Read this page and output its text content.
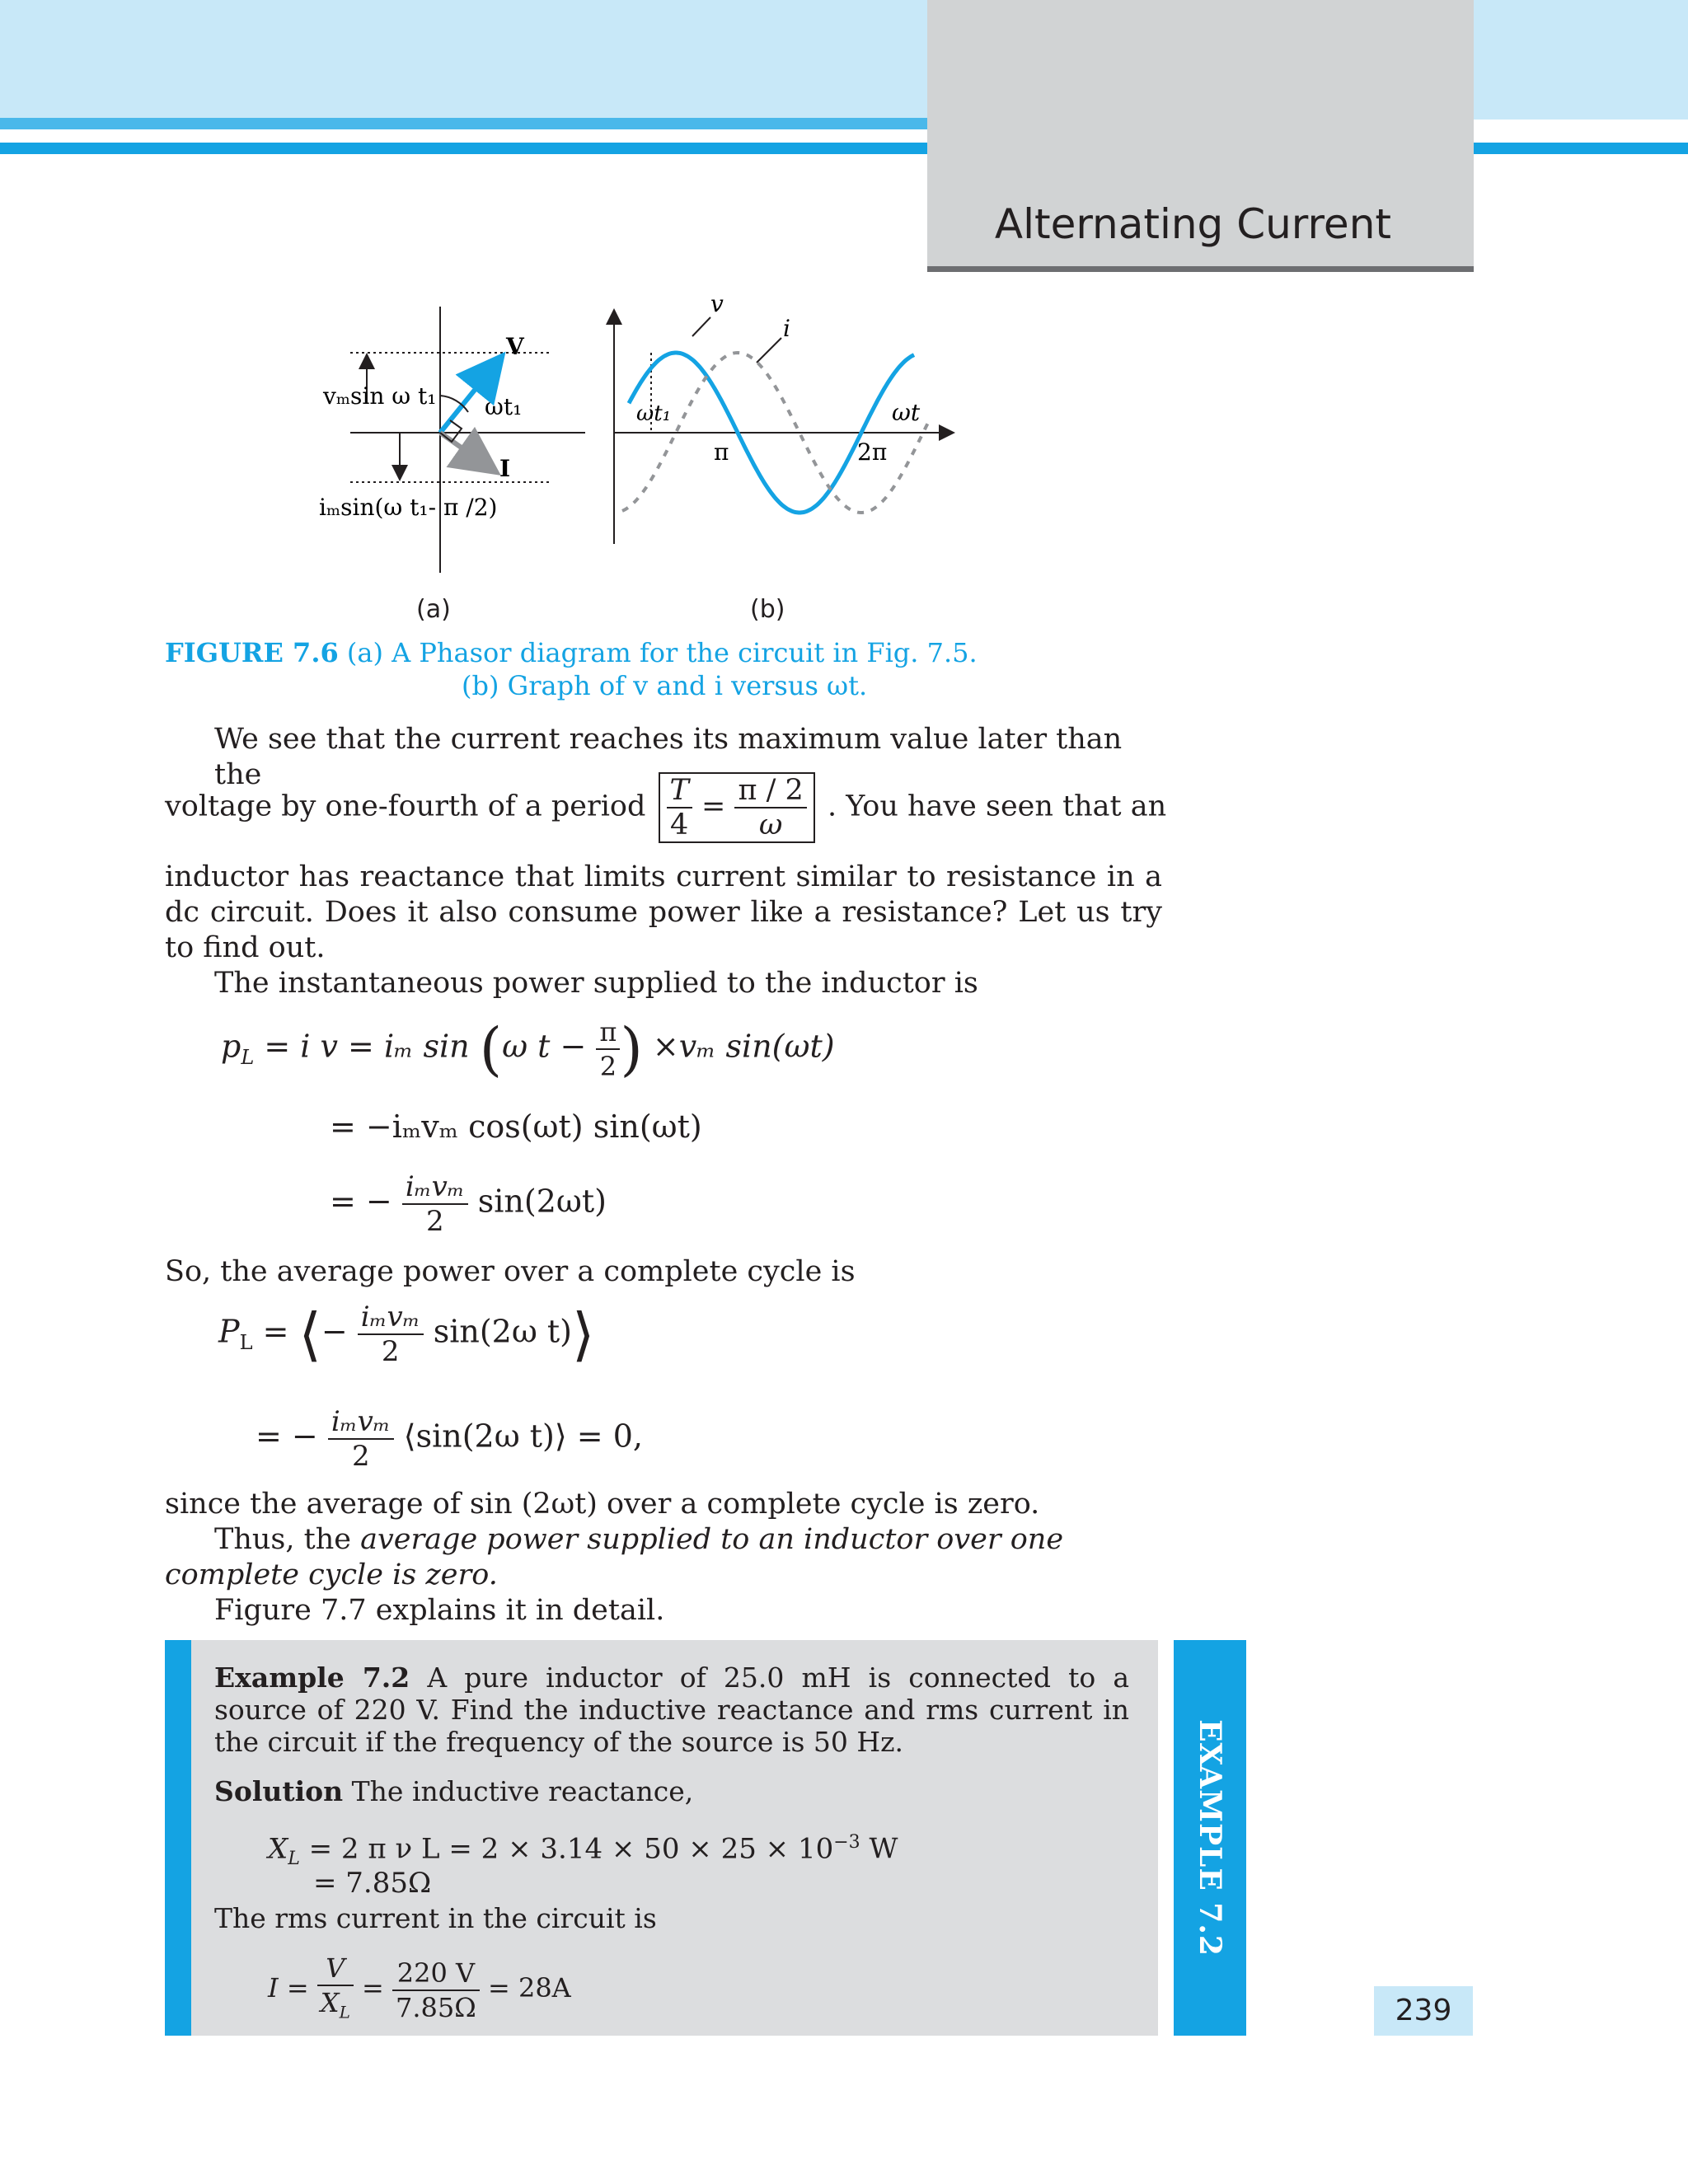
Alternating Current
V
I
ωt₁
vₘsin ω t₁
iₘsin(ω t₁- π /2)
ωt₁
π	2π
ωt
v
i
(a)	(b)
FIGURE 7.6 (a) A Phasor diagram for the circuit in Fig. 7.5.
(b) Graph of v and i versus ωt.
We see that the current reaches its maximum value later than the
voltage by one-fourth of a period $\frac{T}{4} = \frac{\pi / 2}{\omega}$ . You have seen that an
inductor has reactance that limits current similar to resistance in a dc circuit. Does it also consume power like a resistance? Let us try to find out.
The instantaneous power supplied to the inductor is
$p_L = i$ v = iₘ sin (ω $t - \frac{\pi}{2}$ ) ×vₘ sin(ωt)
= −iₘvₘ cos(ωt) sin(ωt)
= − $\frac{\text{iₘvₘ}}{2} \sin(2\omega t)$
So, the average power over a complete cycle is
$P_L$ = ⟨− $\frac{\text{iₘvₘ}}{2} \sin(2\omega$ t)⟩
= − $\frac{\text{iₘvₘ}}{2}$ ⟨sin(2ω t)⟩ = 0,
since the average of sin (2ωt) over a complete cycle is zero.
Thus, the average power supplied to an inductor over one complete cycle is zero.
Figure 7.7 explains it in detail.
EXAMPLE 7.2
Example 7.2 A pure inductor of 25.0 mH is connected to a source of 220 V. Find the inductive reactance and rms current in the circuit if the frequency of the source is 50 Hz.
Solution The inductive reactance,
$X_L = 2$ π ν $L = 2 \times 3.14 \times 50 \times 25 \times 10^{-3}$ W
= 7.85Ω
The rms current in the circuit is
$I = \frac{V}{X_L} = \frac{220 V}{7.85\Omega} = 28A$
239
